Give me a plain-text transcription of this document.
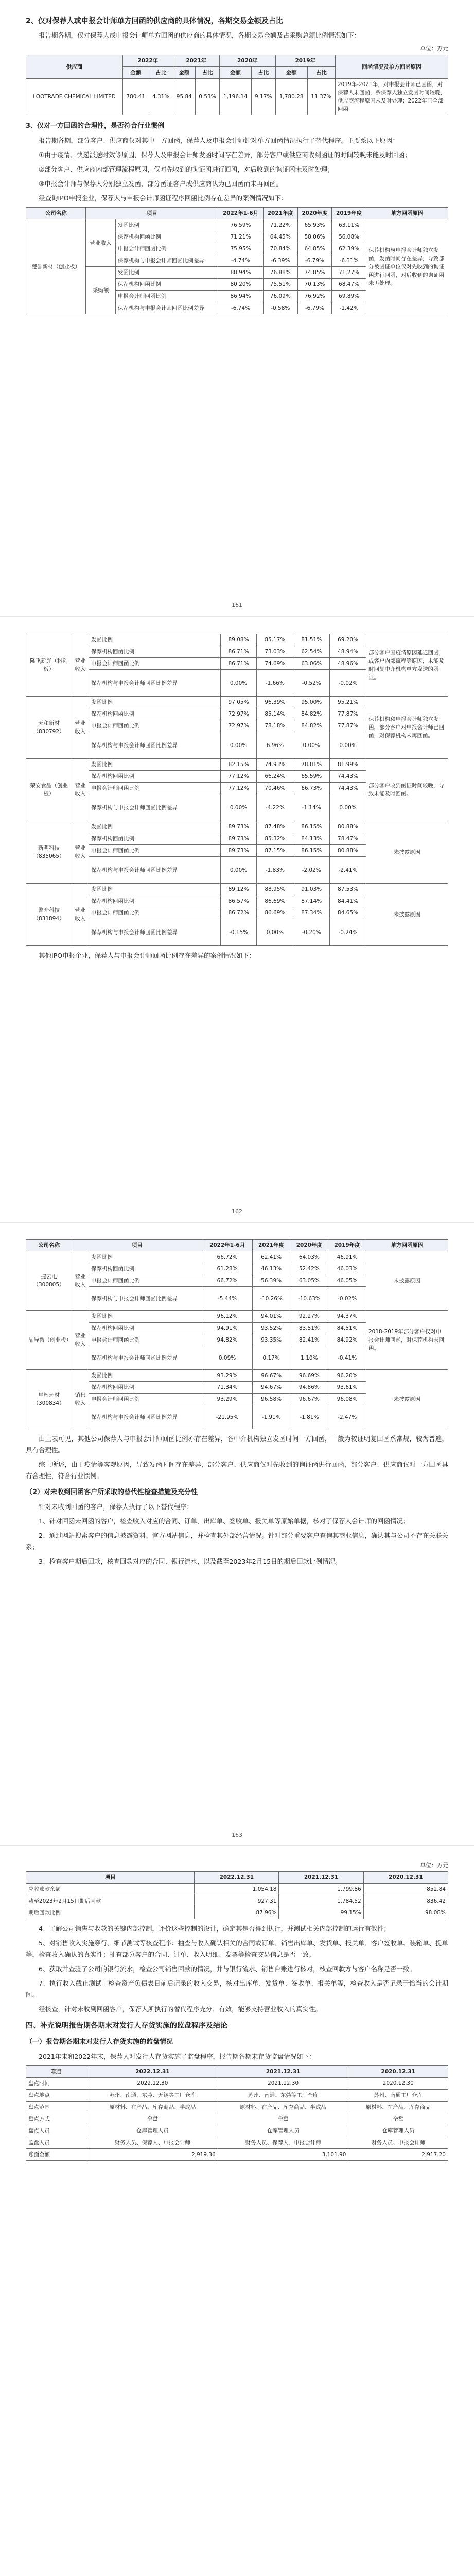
2、仅对保荐人或申报会计师单方回函的供应商的具体情况，各期交易金额及占比

报告期各期，仅对保荐人或申报会计师单方回函的供应商的具体情况，各期交易金额及占采购总额比例情况如下：

单位：万元
供应商	2022年		2021年		2020年		2019年		回函情况及单方回函原因
	金额	占比	金额	占比	金额	占比	金额	占比	
LOOTRADE CHEMICAL LIMITED	780.41	4.31%	95.84	0.53%	1,196.14	9.17%	1,780.28	11.37%	2019年-2021年，对申报会计师已回函，对保荐人未回函，系保荐人独立发函时间较晚，供应商流程原因未及时处理；2022年已全部回函
3、仅对一方回函的合理性，是否符合行业惯例

报告期各期，部分客户、供应商仅对其中一方回函，保荐人及申报会计师针对单方回函情况执行了替代程序。主要系以下原因：

①由于疫情、快递派送时效等原因，保荐人及申报会计师发函时间存在差异，部分客户或供应商收到函证的时间较晚未能及时回函；

②部分客户、供应商内部管理流程原因，仅对先收到的询证函进行回函，对后收到的询证函未及时处理；

③申报会计师与保荐人分别独立发函，部分函证客户或供应商认为已回函而未再回函。

经查询IPO申报企业，保荐人与申报会计师函证程序回函比例存在差异的案例情况如下：

公司名称	项目		2022年1-6月	2021年度	2020年度	2019年度	单方回函原因
楚誉新材（创业板）	营业收入	发函比例	76.59%	71.22%	65.93%	63.11%	保荐机构与申报会计师独立发函，发函时间存在差异，导致部分被函证单位仅对先收到的询证函进行回函，对后收到的询证函未再处理。
		保荐机构回函比例	71.21%	64.45%	58.06%	56.08%	
		申报会计师回函比例	75.95%	70.84%	64.85%	62.39%	
		保荐机构与申报会计师回函比例差异	-4.74%	-6.39%	-6.79%	-6.31%	
	采购额	发函比例	88.94%	76.88%	74.85%	71.27%	
		保荐机构回函比例	80.20%	75.51%	70.13%	68.47%	
		申报会计师回函比例	86.94%	76.09%	76.92%	69.89%	
		保荐机构与申报会计师回函比例差异	-6.74%	-0.58%	-6.79%	-1.42%	
161
隆飞新光（科创板）	营业收入	发函比例	89.08%	85.17%	81.51%	69.20%	部分客户因疫情原因延迟回函，或客户内部流程等原因，未能及时回复中介机构单方发送的函证。
		保荐机构回函比例	86.71%	73.03%	62.54%	48.94%	
		申报会计师回函比例	86.71%	74.69%	63.06%	48.96%	
		保荐机构与申报会计师回函比例差异	0.00%	-1.66%	-0.52%	-0.02%	
天和新材（830792）	营业收入	发函比例	97.05%	96.39%	95.00%	95.21%	保荐机构和申报会计师独立发函，部分客户对申报会计师已回函，对保荐机构未再回函。
		保荐机构回函比例	72.97%	85.14%	84.82%	77.87%	
		申报会计师回函比例	72.97%	78.18%	84.82%	77.87%	
		保荐机构与申报会计师回函比例差异	0.00%	6.96%	0.00%	0.00%	
荣安食品（创业板）	营业收入	发函比例	82.15%	74.93%	78.81%	81.99%	部分客户收到函证时间较晚，导致未能及时回函。
		保荐机构回函比例	77.12%	66.24%	65.59%	74.43%	
		申报会计师回函比例	77.12%	70.46%	66.73%	74.43%	
		保荐机构与申报会计师回函比例差异	0.00%	-4.22%	-1.14%	0.00%	
新明科技（835065）	营业收入	发函比例	89.73%	87.48%	86.15%	80.88%	未披露原因
		保荐机构回函比例	89.73%	85.32%	84.13%	78.47%	
		申报会计师回函比例	89.73%	87.15%	86.15%	80.88%	
		保荐机构与申报会计师回函比例差异	0.00%	-1.83%	-2.02%	-2.41%	
警介科技（831894）	营业收入	发函比例	89.12%	88.95%	91.03%	87.53%	未披露原因
		保荐机构回函比例	86.57%	86.69%	87.14%	84.41%	
		申报会计师回函比例	86.72%	86.69%	87.34%	84.65%	
		保荐机构与申报会计师回函比例差异	-0.15%	0.00%	-0.20%	-0.24%	

其他IPO申报企业，保荐人与申报会计师回函比例存在差异的案例情况如下：

162
公司名称	项目		2022年1-6月	2021年度	2020年度	2019年度	单方回函原因
捷云电（300805）	营业收入	发函比例	66.72%	62.41%	64.03%	46.91%	未披露原因
		保荐机构回函比例	61.28%	46.13%	52.42%	46.03%	
		申报会计师回函比例	66.72%	56.39%	63.05%	46.05%	
		保荐机构与申报会计师回函比例差异	-5.44%	-10.26%	-10.63%	-0.02%	
晶导微（创业板）	营业收入	发函比例	96.12%	94.01%	92.27%	94.37%	2018-2019年部分客户仅对申报会计师回函，对保荐机构未回函。
		保荐机构回函比例	94.91%	93.52%	83.51%	84.51%	
		申报会计师回函比例	94.82%	93.35%	82.41%	84.92%	
		保荐机构与申报会计师回函比例差异	0.09%	0.17%	1.10%	-0.41%	
星辉环材（300834）	销售收入	发函比例	93.29%	96.67%	96.69%	96.20%	未披露原因
		保荐机构回函比例	71.34%	94.67%	94.86%	93.61%	
		申报会计师回函比例	93.29%	96.58%	96.67%	96.08%	
		保荐机构与申报会计师回函比例差异	-21.95%	-1.91%	-1.81%	-2.47%	

由上表可见，其他公司保荐人与申报会计师回函比例亦存在差异，各中介机构独立发函时间一方回函，一般为较证明复回函系常规，较为普遍，具有合理性。

综上所述，由于疫情等客观原因，导致发函时间存在差异，部分客户、供应商仅对先收到的询证函进行回函，部分客户、供应商仅对一方回函具有合理性，符合行业惯例。

（2）对未收到回函客户所采取的替代性检查措施及充分性

针对未收到回函的客户，保荐人执行了以下替代程序：

1、针对回函未回函的客户，检查收入对应的合同、订单、出库单、签收单、报关单等原始单据，核对了保荐人会计师的回函情况；

2、通过网站搜索客户的信息披露资料、官方网站信息，并检查其外部经营情况。针对部分重要客户查询其商业信息，确认其与公司不存在关联关系；

3、检查客户期后回款，核查回款对应的合同、银行流水，以及截至2023年2月15日的期后回款比例情况。

163
单位：万元
项目	2022.12.31	2021.12.31	2020.12.31
应收账款余额	1,054.18	1,799.86	852.84
截至2023年2月15日期后回款	927.31	1,784.52	836.42
期后回款比例	87.96%	99.15%	98.08%

4、了解公司销售与收款的关键内部控制，评价这些控制的设计，确定其是否得到执行，并测试相关内部控制的运行有效性；

5、对销售收入实施穿行、细节测试等核查程序：抽查与收入确认相关的合同或订单、销售出库单、发货单、报关单、客户签收单、装箱单、提单等，检查收入确认的真实性；抽查部分客户的合同、订单、收入明细、发票等检查交易信息是否一致。

6、获取并查验了公司的银行流水，检查公司销售回款的情况，并与银行流水、销售台账进行核对，核查回款方与客户名称是否一致。

7、执行收入截止测试：检查资产负债表日前后记录的收入交易，核对出库单、发货单、签收单、报关单等，检查收入是否记录于恰当的会计期间。

经核查，针对未收到回函客户，保荐人所执行的替代程序充分、有效，能够支持营业收入的真实性。

四、补充说明报告期各期末对发行人存货实施的监盘程序及结论
（一）报告期各期末对发行人存货实施的监盘情况

2021年末和2022年末，保荐人对发行人存货实施了监盘程序，报告期各期末存货监盘情况如下：

项目	2022.12.31	2021.12.31	2020.12.31
盘点时间	2022.12.30	2021.12.30	2020.12.30
盘点地点	苏州、南通、东莞、无锡等工厂仓库	苏州、南通、东莞等工厂仓库	苏州、南通工厂仓库
盘点范围	原材料、在产品、库存商品、半成品	原材料、在产品、库存商品、半成品	原材料、在产品、库存商品
盘点方式	全盘	全盘	全盘
盘点人员	仓库管理人员	仓库管理人员	仓库管理人员
监盘人员	财务人员、保荐人、申报会计师	财务人员、保荐人、申报会计师	财务人员、申报会计师
账面金额	2,919.36	3,101.90	2,917.20
